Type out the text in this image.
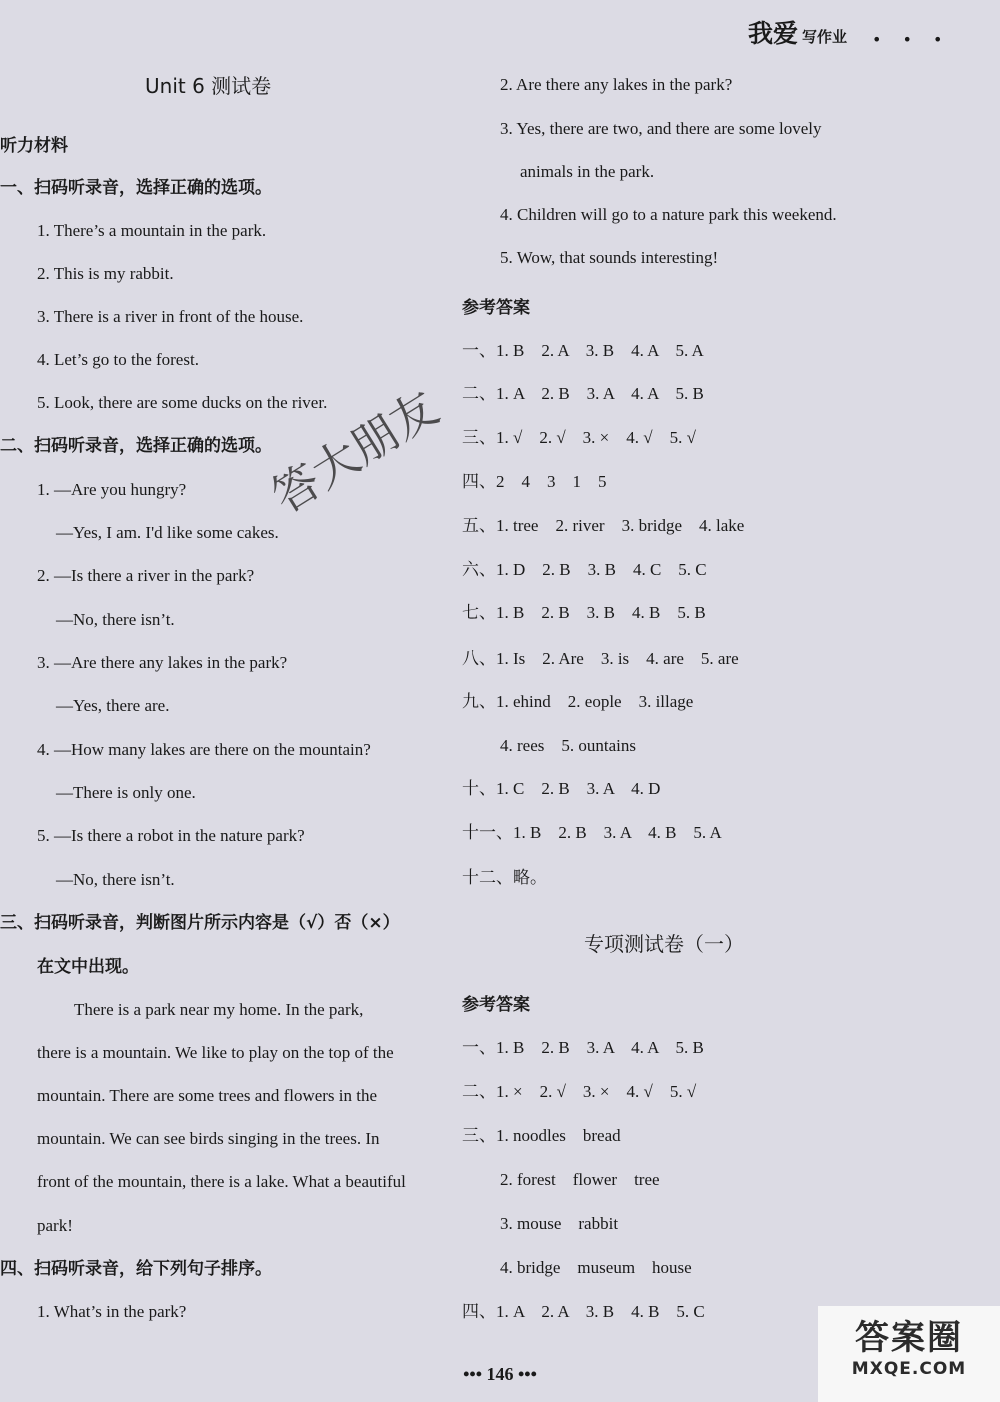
我爱 写作业 • • •
Unit 6 测试卷
听力材料
一、扫码听录音，选择正确的选项。
1. There’s a mountain in the park.
2. This is my rabbit.
3. There is a river in front of the house.
4. Let’s go to the forest.
5. Look, there are some ducks on the river.
二、扫码听录音，选择正确的选项。
1. —Are you hungry?
—Yes, I am. I'd like some cakes.
2. —Is there a river in the park?
—No, there isn’t.
3. —Are there any lakes in the park?
—Yes, there are.
4. —How many lakes are there on the mountain?
—There is only one.
5. —Is there a robot in the nature park?
—No, there isn’t.
三、扫码听录音，判断图片所示内容是（√）否（×）
在文中出现。
There is a park near my home. In the park,
there is a mountain. We like to play on the top of the
mountain. There are some trees and flowers in the
mountain. We can see birds singing in the trees. In
front of the mountain, there is a lake. What a beautiful
park!
四、扫码听录音，给下列句子排序。
1. What’s in the park?
2. Are there any lakes in the park?
3. Yes, there are two, and there are some lovely
animals in the park.
4. Children will go to a nature park this weekend.
5. Wow, that sounds interesting!
参考答案
一、1. B　2. A　3. B　4. A　5. A
二、1. A　2. B　3. A　4. A　5. B
三、1. √　2. √　3. ×　4. √　5. √
四、2　4　3　1　5
五、1. tree　2. river　3. bridge　4. lake
六、1. D　2. B　3. B　4. C　5. C
七、1. B　2. B　3. B　4. B　5. B
八、1. Is　2. Are　3. is　4. are　5. are
九、1. ehind　2. eople　3. illage
4. rees　5. ountains
十、1. C　2. B　3. A　4. D
十一、1. B　2. B　3. A　4. B　5. A
十二、略。
专项测试卷（一）
参考答案
一、1. B　2. B　3. A　4. A　5. B
二、1. ×　2. √　3. ×　4. √　5. √
三、1. noodles　bread
2. forest　flower　tree
3. mouse　rabbit
4. bridge　museum　house
四、1. A　2. A　3. B　4. B　5. C
答大朋友
••• 146 •••
答案圈
MXQE.COM
